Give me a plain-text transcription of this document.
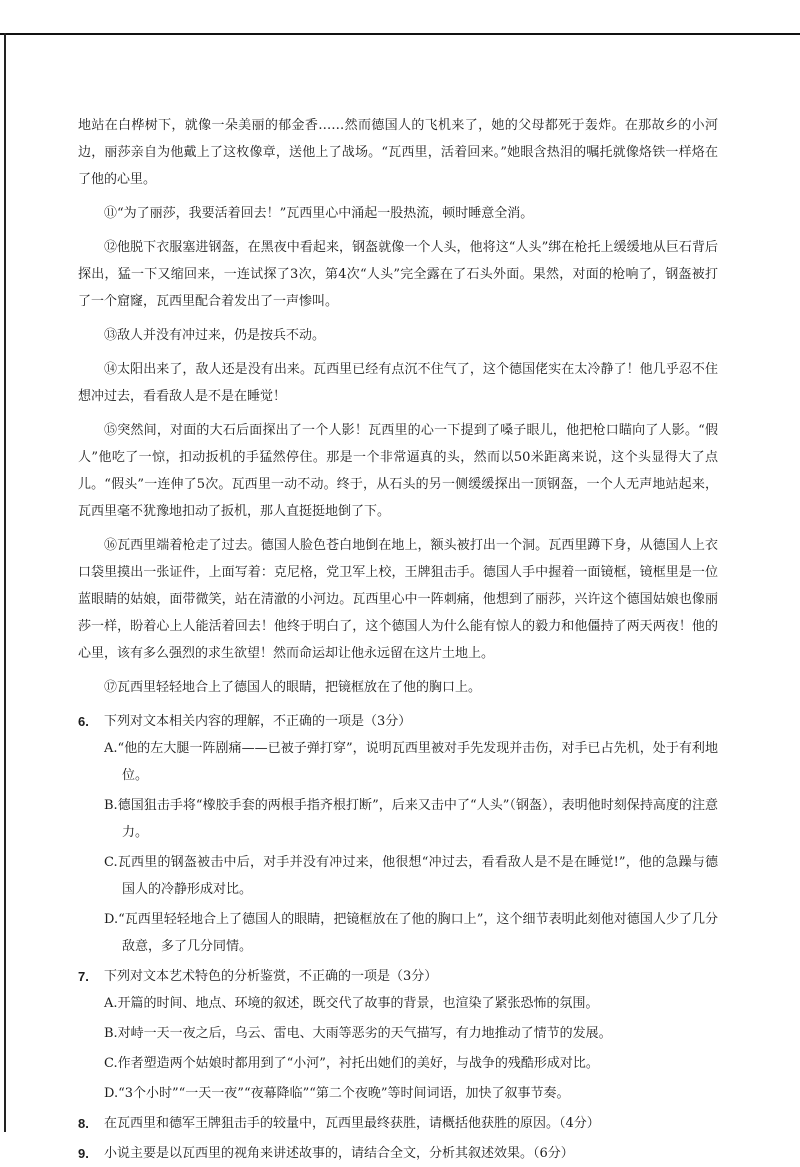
地站在白桦树下，就像一朵美丽的郁金香……然而德国人的飞机来了，她的父母都死于轰炸。在那故乡的小河边，丽莎亲自为他戴上了这枚像章，送他上了战场。“瓦西里，活着回来。”她眼含热泪的嘱托就像烙铁一样烙在了他的心里。

⑪“为了丽莎，我要活着回去！”瓦西里心中涌起一股热流，顿时睡意全消。

⑫他脱下衣服塞进钢盔，在黑夜中看起来，钢盔就像一个人头，他将这“人头”绑在枪托上缓缓地从巨石背后探出，猛一下又缩回来，一连试探了3次，第4次“人头”完全露在了石头外面。果然，对面的枪响了，钢盔被打了一个窟窿，瓦西里配合着发出了一声惨叫。

⑬敌人并没有冲过来，仍是按兵不动。

⑭太阳出来了，敌人还是没有出来。瓦西里已经有点沉不住气了，这个德国佬实在太冷静了！他几乎忍不住想冲过去，看看敌人是不是在睡觉！

⑮突然间，对面的大石后面探出了一个人影！瓦西里的心一下提到了嗓子眼儿，他把枪口瞄向了人影。“假人”他吃了一惊，扣动扳机的手猛然停住。那是一个非常逼真的头，然而以50米距离来说，这个头显得大了点儿。“假头”一连伸了5次。瓦西里一动不动。终于，从石头的另一侧缓缓探出一顶钢盔，一个人无声地站起来，瓦西里毫不犹豫地扣动了扳机，那人直挺挺地倒了下。

⑯瓦西里端着枪走了过去。德国人脸色苍白地倒在地上，额头被打出一个洞。瓦西里蹲下身，从德国人上衣口袋里摸出一张证件，上面写着：克尼格，党卫军上校，王牌狙击手。德国人手中握着一面镜框，镜框里是一位蓝眼睛的姑娘，面带微笑，站在清澈的小河边。瓦西里心中一阵刺痛，他想到了丽莎，兴许这个德国姑娘也像丽莎一样，盼着心上人能活着回去！他终于明白了，这个德国人为什么能有惊人的毅力和他僵持了两天两夜！他的心里，该有多么强烈的求生欲望！然而命运却让他永远留在这片土地上。

⑰瓦西里轻轻地合上了德国人的眼睛，把镜框放在了他的胸口上。

6.	下列对文本相关内容的理解，不正确的一项是（3分）

A.“他的左大腿一阵剧痛——已被子弹打穿”，说明瓦西里被对手先发现并击伤，对手已占先机，处于有利地位。

B.德国狙击手将“橡胶手套的两根手指齐根打断”，后来又击中了“人头”（钢盔），表明他时刻保持高度的注意力。

C.瓦西里的钢盔被击中后，对手并没有冲过来，他很想“冲过去，看看敌人是不是在睡觉!”，他的急躁与德国人的冷静形成对比。

D.“瓦西里轻轻地合上了德国人的眼睛，把镜框放在了他的胸口上”，这个细节表明此刻他对德国人少了几分敌意，多了几分同情。

7.	下列对文本艺术特色的分析鉴赏，不正确的一项是（3分）

A.开篇的时间、地点、环境的叙述，既交代了故事的背景，也渲染了紧张恐怖的氛围。

B.对峙一天一夜之后，乌云、雷电、大雨等恶劣的天气描写，有力地推动了情节的发展。

C.作者塑造两个姑娘时都用到了“小河”，衬托出她们的美好，与战争的残酷形成对比。

D.“3个小时”“一天一夜”“夜幕降临”“第二个夜晚”等时间词语，加快了叙事节奏。

8.	在瓦西里和德军王牌狙击手的较量中，瓦西里最终获胜，请概括他获胜的原因。（4分）
9.	小说主要是以瓦西里的视角来讲述故事的，请结合全文，分析其叙述效果。（6分）
